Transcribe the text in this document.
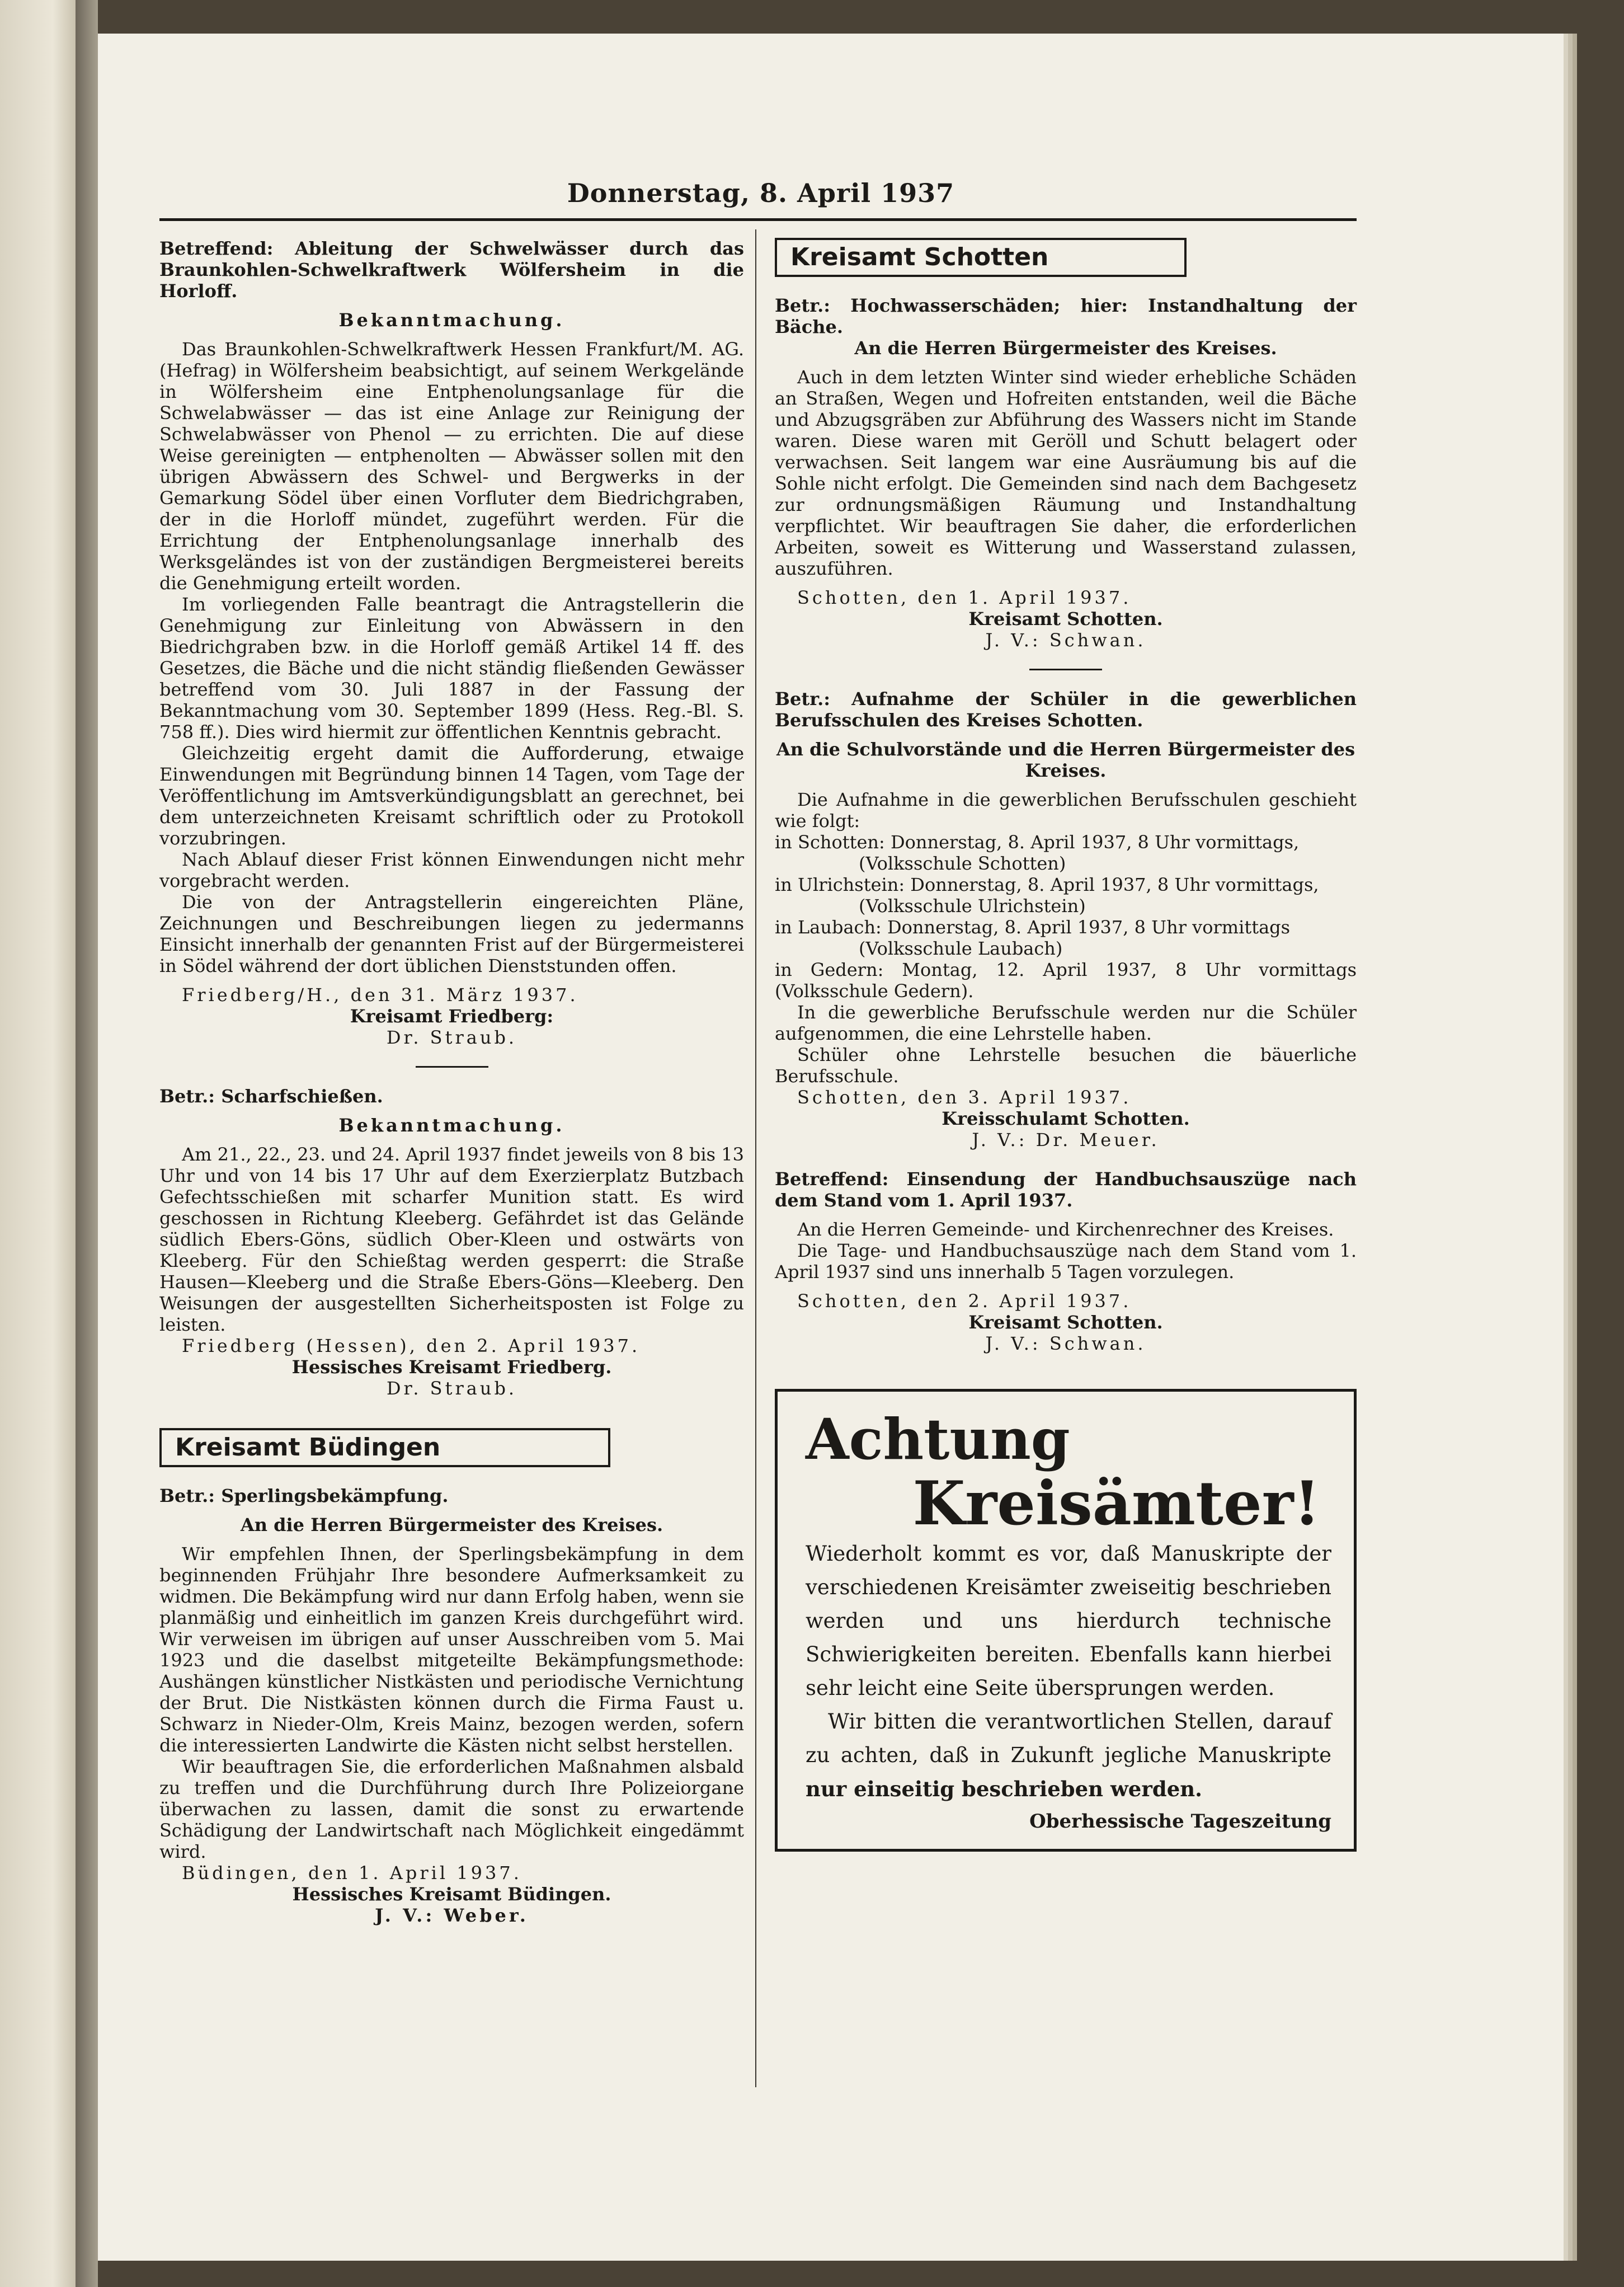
Donnerstag, 8. April 1937

Betreffend: Ableitung der Schwelwässer durch das Braunkohlen-Schwelkraftwerk Wölfersheim in die Horloff.

Bekanntmachung.

Das Braunkohlen-Schwelkraftwerk Hessen Frankfurt/M. AG. (Hefrag) in Wölfersheim beabsichtigt, auf seinem Werkgelände in Wölfersheim eine Entphenolungsanlage für die Schwelabwässer — das ist eine Anlage zur Reinigung der Schwelabwässer von Phenol — zu errichten. Die auf diese Weise gereinigten — entphenolten — Abwässer sollen mit den übrigen Abwässern des Schwel- und Bergwerks in der Gemarkung Södel über einen Vorfluter dem Biedrichgraben, der in die Horloff mündet, zugeführt werden. Für die Errichtung der Entphenolungsanlage innerhalb des Werksgeländes ist von der zuständigen Bergmeisterei bereits die Genehmigung erteilt worden.

Im vorliegenden Falle beantragt die Antragstellerin die Genehmigung zur Einleitung von Abwässern in den Biedrichgraben bzw. in die Horloff gemäß Artikel 14 ff. des Gesetzes, die Bäche und die nicht ständig fließenden Gewässer betreffend vom 30. Juli 1887 in der Fassung der Bekanntmachung vom 30. September 1899 (Hess. Reg.-Bl. S. 758 ff.). Dies wird hiermit zur öffentlichen Kenntnis gebracht.

Gleichzeitig ergeht damit die Aufforderung, etwaige Einwendungen mit Begründung binnen 14 Tagen, vom Tage der Veröffentlichung im Amtsverkündigungsblatt an gerechnet, bei dem unterzeichneten Kreisamt schriftlich oder zu Protokoll vorzubringen.

Nach Ablauf dieser Frist können Einwendungen nicht mehr vorgebracht werden.

Die von der Antragstellerin eingereichten Pläne, Zeichnungen und Beschreibungen liegen zu jedermanns Einsicht innerhalb der genannten Frist auf der Bürgermeisterei in Södel während der dort üblichen Dienststunden offen.

Friedberg/H., den 31. März 1937.

Kreisamt Friedberg:

Dr. Straub.

Betr.: Scharfschießen.

Bekanntmachung.

Am 21., 22., 23. und 24. April 1937 findet jeweils von 8 bis 13 Uhr und von 14 bis 17 Uhr auf dem Exerzierplatz Butzbach Gefechtsschießen mit scharfer Munition statt. Es wird geschossen in Richtung Kleeberg. Gefährdet ist das Gelände südlich Ebers-Göns, südlich Ober-Kleen und ostwärts von Kleeberg. Für den Schießtag werden gesperrt: die Straße Hausen—Kleeberg und die Straße Ebers-Göns—Kleeberg. Den Weisungen der ausgestellten Sicherheitsposten ist Folge zu leisten.

Friedberg (Hessen), den 2. April 1937.

Hessisches Kreisamt Friedberg.

Dr. Straub.

Kreisamt Büdingen

Betr.: Sperlingsbekämpfung.

An die Herren Bürgermeister des Kreises.

Wir empfehlen Ihnen, der Sperlingsbekämpfung in dem beginnenden Frühjahr Ihre besondere Aufmerksamkeit zu widmen. Die Bekämpfung wird nur dann Erfolg haben, wenn sie planmäßig und einheitlich im ganzen Kreis durchgeführt wird. Wir verweisen im übrigen auf unser Ausschreiben vom 5. Mai 1923 und die daselbst mitgeteilte Bekämpfungsmethode: Aushängen künstlicher Nistkästen und periodische Vernichtung der Brut. Die Nistkästen können durch die Firma Faust u. Schwarz in Nieder-Olm, Kreis Mainz, bezogen werden, sofern die interessierten Landwirte die Kästen nicht selbst herstellen.

Wir beauftragen Sie, die erforderlichen Maßnahmen alsbald zu treffen und die Durchführung durch Ihre Polizeiorgane überwachen zu lassen, damit die sonst zu erwartende Schädigung der Landwirtschaft nach Möglichkeit eingedämmt wird.

Büdingen, den 1. April 1937.

Hessisches Kreisamt Büdingen.

J. V.: Weber.

Kreisamt Schotten

Betr.: Hochwasserschäden; hier: Instandhaltung der Bäche.

An die Herren Bürgermeister des Kreises.

Auch in dem letzten Winter sind wieder erhebliche Schäden an Straßen, Wegen und Hofreiten entstanden, weil die Bäche und Abzugsgräben zur Abführung des Wassers nicht im Stande waren. Diese waren mit Geröll und Schutt belagert oder verwachsen. Seit langem war eine Ausräumung bis auf die Sohle nicht erfolgt. Die Gemeinden sind nach dem Bachgesetz zur ordnungsmäßigen Räumung und Instandhaltung verpflichtet. Wir beauftragen Sie daher, die erforderlichen Arbeiten, soweit es Witterung und Wasserstand zulassen, auszuführen.

Schotten, den 1. April 1937.

Kreisamt Schotten.

J. V.: Schwan.

Betr.: Aufnahme der Schüler in die gewerblichen Berufsschulen des Kreises Schotten.

An die Schulvorstände und die Herren Bürgermeister des Kreises.

Die Aufnahme in die gewerblichen Berufsschulen geschieht wie folgt:

in Schotten: Donnerstag, 8. April 1937, 8 Uhr vormittags,

(Volksschule Schotten)

in Ulrichstein: Donnerstag, 8. April 1937, 8 Uhr vormittags,

(Volksschule Ulrichstein)

in Laubach: Donnerstag, 8. April 1937, 8 Uhr vormittags

(Volksschule Laubach)

in Gedern: Montag, 12. April 1937, 8 Uhr vormittags (Volksschule Gedern).

In die gewerbliche Berufsschule werden nur die Schüler aufgenommen, die eine Lehrstelle haben.

Schüler ohne Lehrstelle besuchen die bäuerliche Berufsschule.

Schotten, den 3. April 1937.

Kreisschulamt Schotten.

J. V.: Dr. Meuer.

Betreffend: Einsendung der Handbuchsauszüge nach dem Stand vom 1. April 1937.

An die Herren Gemeinde- und Kirchenrechner des Kreises.

Die Tage- und Handbuchsauszüge nach dem Stand vom 1. April 1937 sind uns innerhalb 5 Tagen vorzulegen.

Schotten, den 2. April 1937.

Kreisamt Schotten.

J. V.: Schwan.

Achtung
Kreisämter!

Wiederholt kommt es vor, daß Manuskripte der verschiedenen Kreisämter zweiseitig beschrieben werden und uns hierdurch technische Schwierigkeiten bereiten. Ebenfalls kann hierbei sehr leicht eine Seite übersprungen werden.

Wir bitten die verantwortlichen Stellen, darauf zu achten, daß in Zukunft jegliche Manuskripte nur einseitig beschrieben werden.

Oberhessische Tageszeitung
